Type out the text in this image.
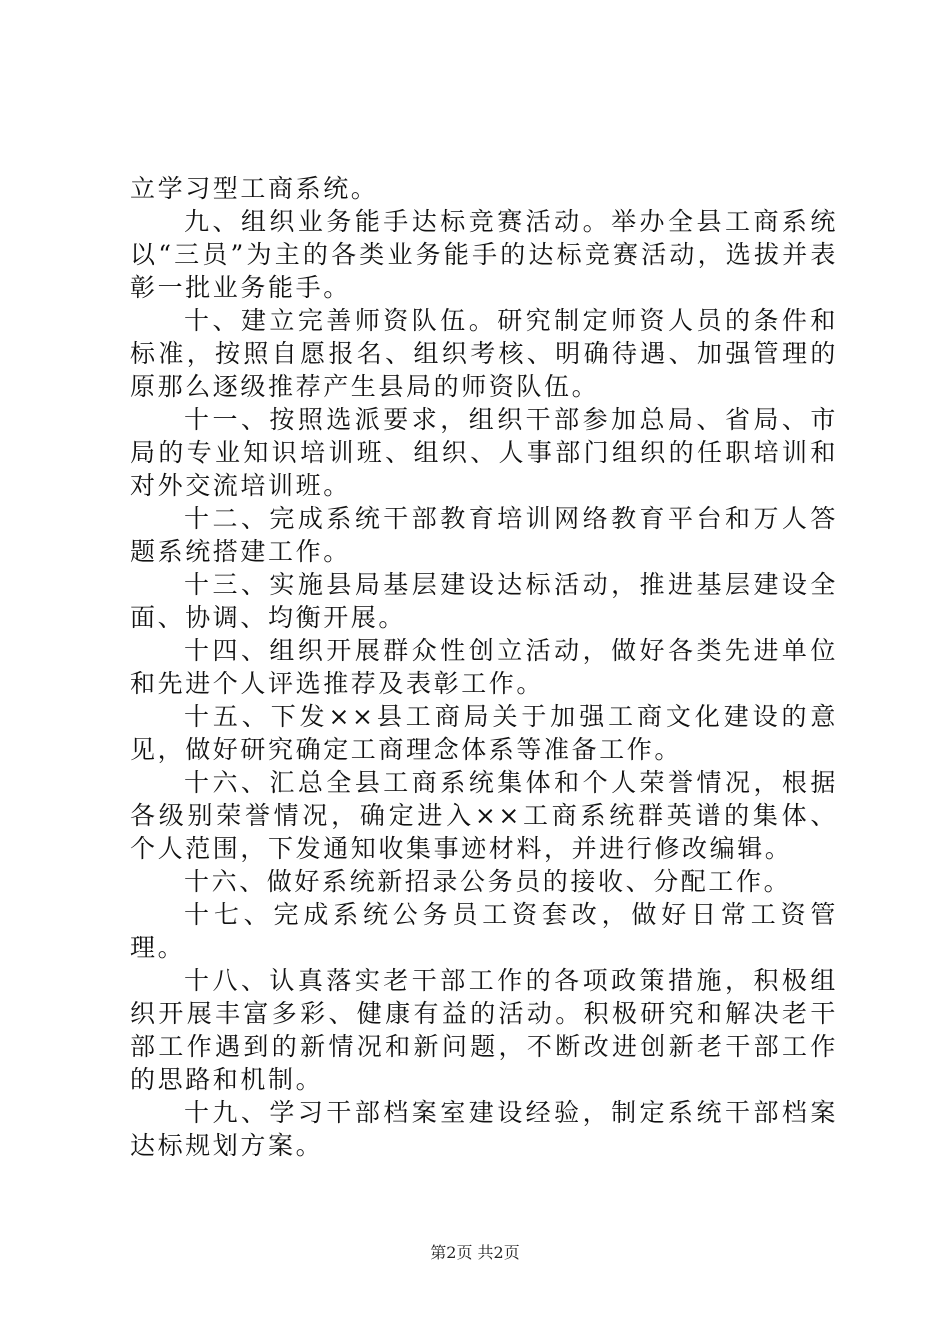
立学习型工商系统。

九、组织业务能手达标竞赛活动。举办全县工商系统以“三员”为主的各类业务能手的达标竞赛活动，选拔并表彰一批业务能手。

十、建立完善师资队伍。研究制定师资人员的条件和标准，按照自愿报名、组织考核、明确待遇、加强管理的原那么逐级推荐产生县局的师资队伍。

十一、按照选派要求，组织干部参加总局、省局、市局的专业知识培训班、组织、人事部门组织的任职培训和对外交流培训班。

十二、完成系统干部教育培训网络教育平台和万人答题系统搭建工作。

十三、实施县局基层建设达标活动，推进基层建设全面、协调、均衡开展。

十四、组织开展群众性创立活动，做好各类先进单位和先进个人评选推荐及表彰工作。

十五、下发××县工商局关于加强工商文化建设的意见，做好研究确定工商理念体系等准备工作。

十六、汇总全县工商系统集体和个人荣誉情况，根据各级别荣誉情况，确定进入××工商系统群英谱的集体、个人范围，下发通知收集事迹材料，并进行修改编辑。

十六、做好系统新招录公务员的接收、分配工作。

十七、完成系统公务员工资套改，做好日常工资管理。

十八、认真落实老干部工作的各项政策措施，积极组织开展丰富多彩、健康有益的活动。积极研究和解决老干部工作遇到的新情况和新问题，不断改进创新老干部工作的思路和机制。

十九、学习干部档案室建设经验，制定系统干部档案达标规划方案。

第2页 共2页
